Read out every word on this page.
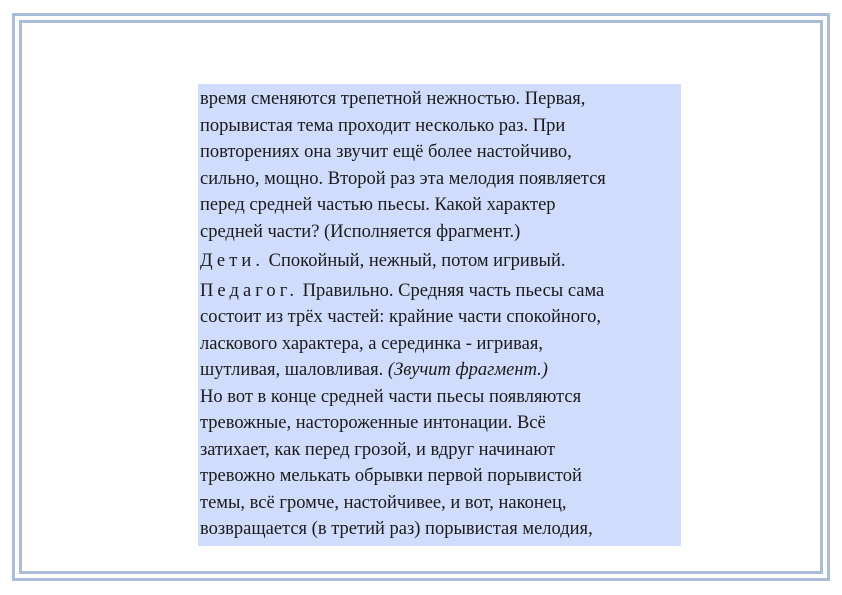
время сменяются трепетной нежностью. Первая,
порывистая тема проходит несколько раз. При
повторениях она звучит ещё более настойчиво,
сильно, мощно. Второй раз эта мелодия появляется
перед средней частью пьесы. Какой характер
средней части? (Исполняется фрагмент.)

Дети. Спокойный, нежный, потом игривый.

Педагог. Правильно. Средняя часть пьесы сама
состоит из трёх частей: крайние части спокойного,
ласкового характера, а серединка - игривая,
шутливая, шаловливая. (Звучит фрагмент.)

Но вот в конце средней части пьесы появляются
тревожные, настороженные интонации. Всё
затихает, как перед грозой, и вдруг начинают
тревожно мелькать обрывки первой порывистой
темы, всё громче, настойчивее, и вот, наконец,
возвращается (в третий раз) порывистая мелодия,
